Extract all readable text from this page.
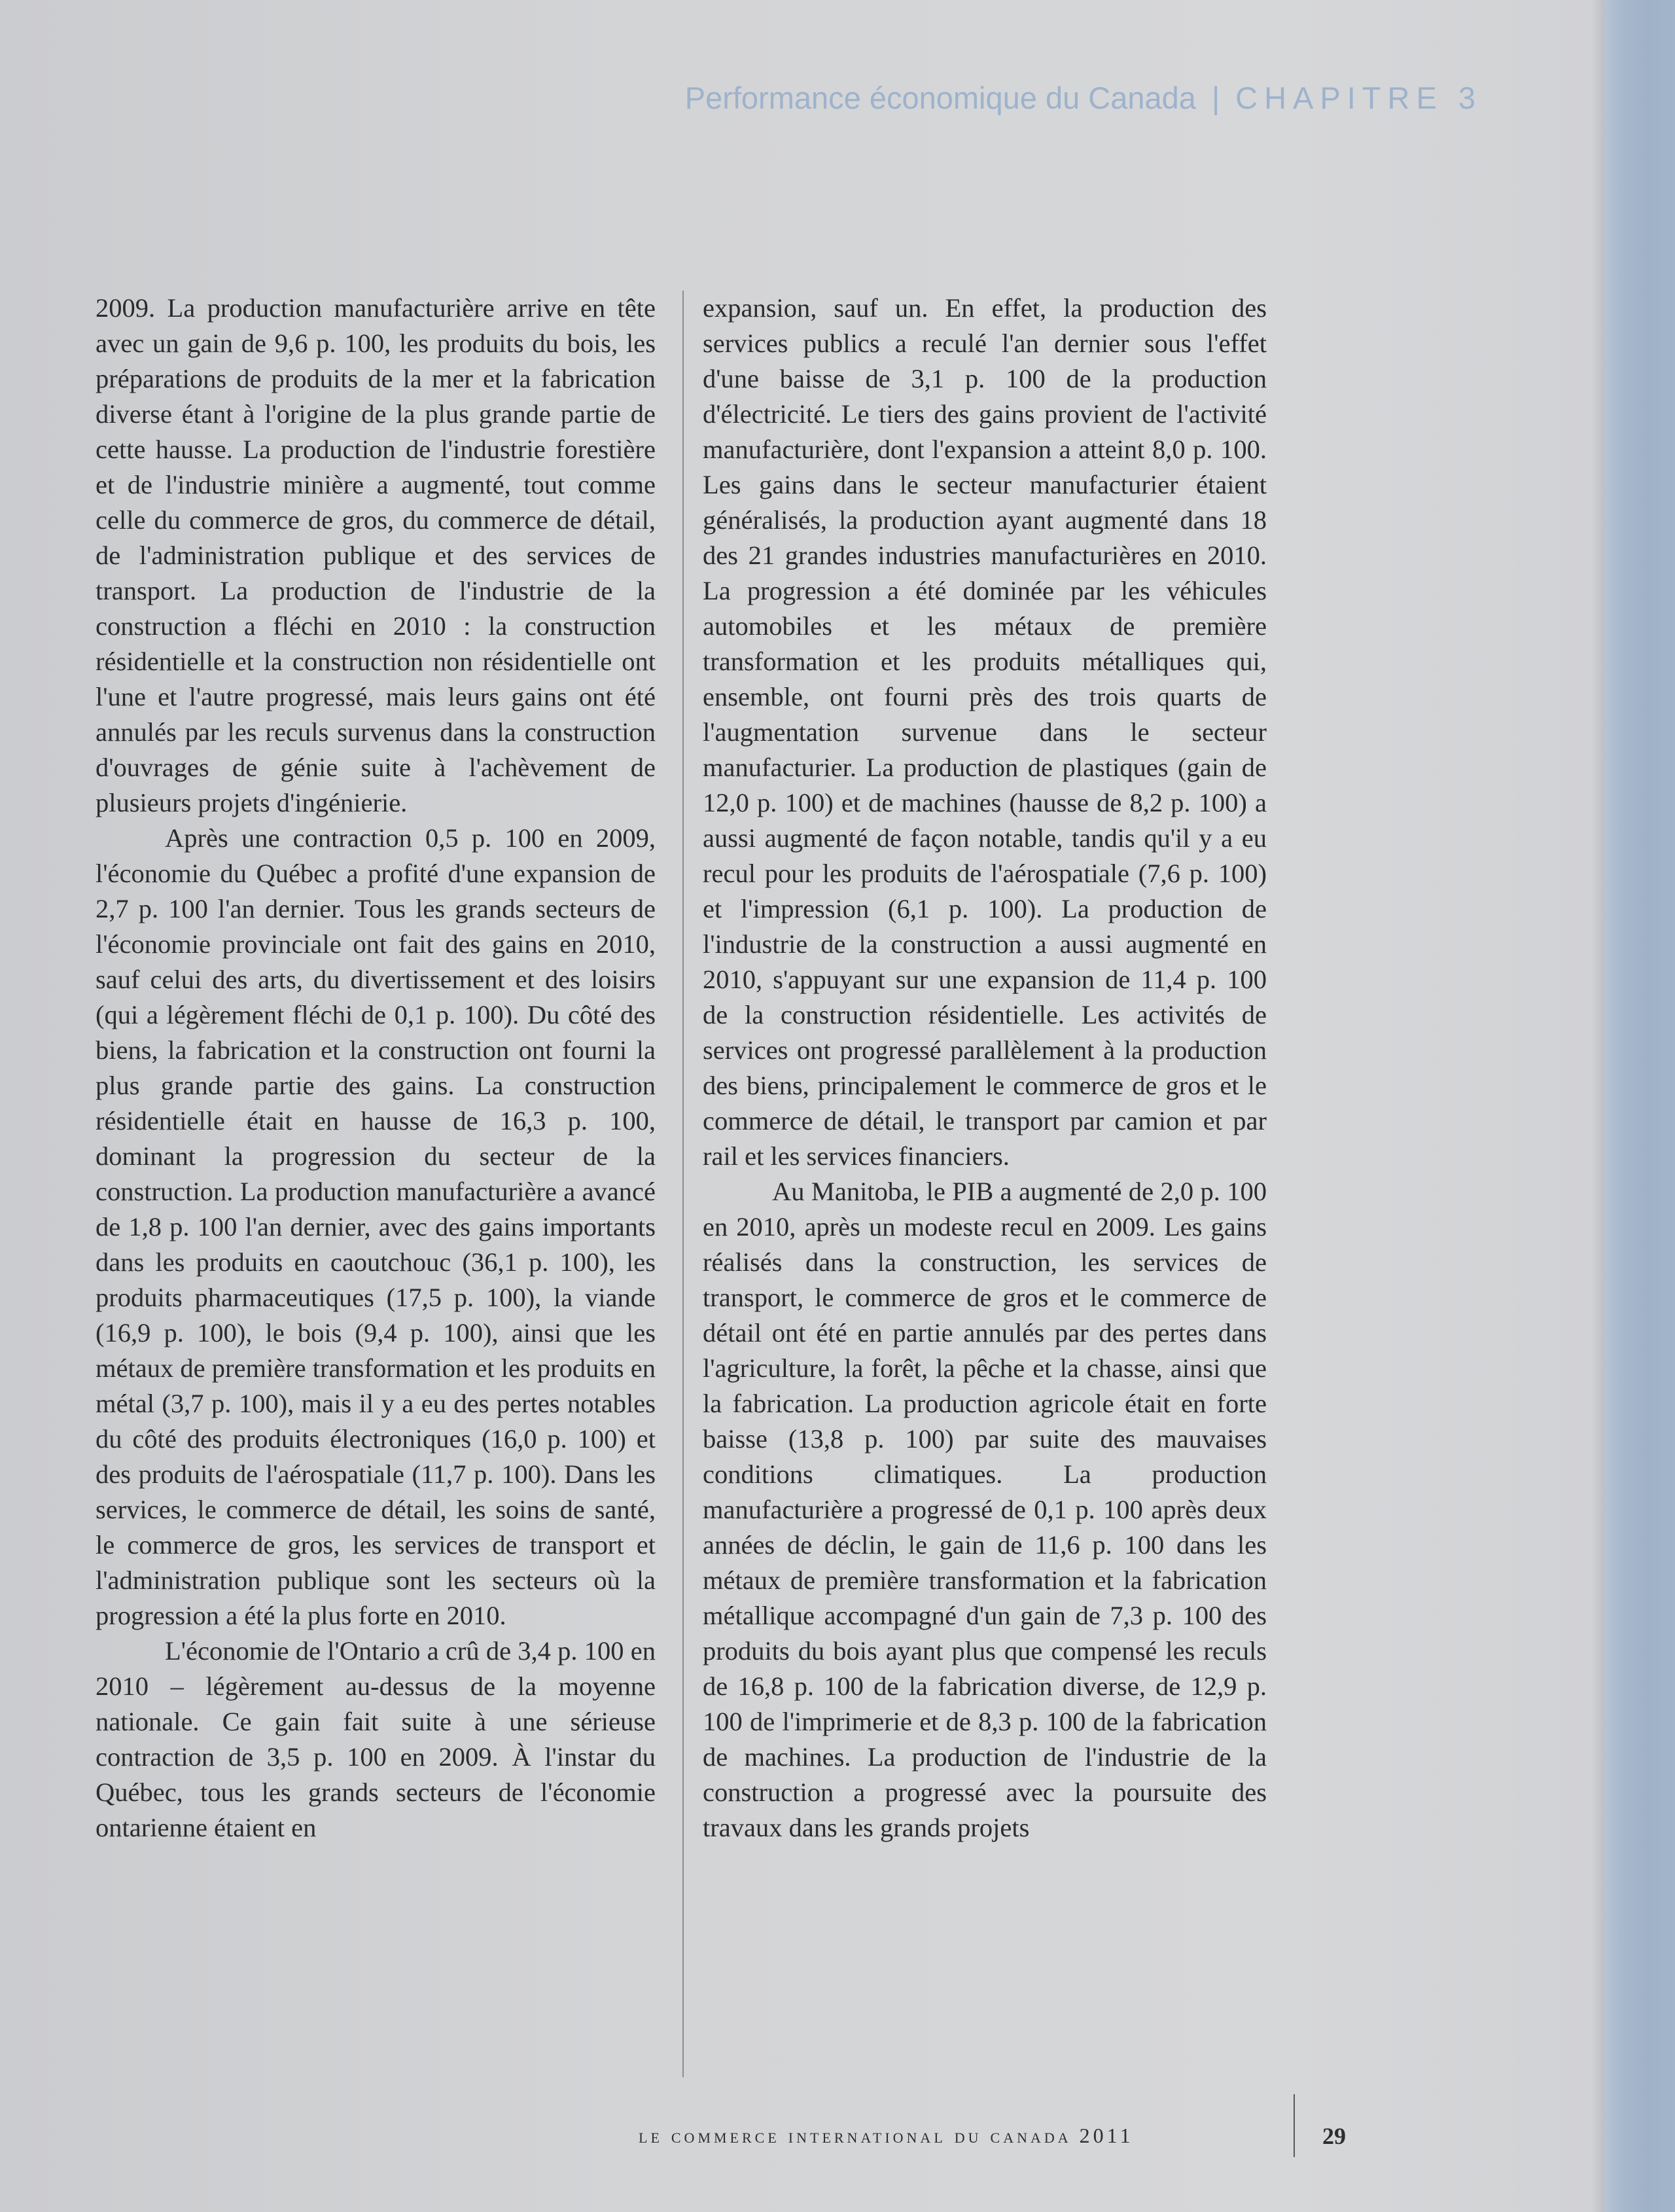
Performance économique du Canada | CHAPITRE 3

2009. La production manufacturière arrive en tête avec un gain de 9,6 p. 100, les produits du bois, les préparations de produits de la mer et la fabrication diverse étant à l'origine de la plus grande partie de cette hausse. La production de l'industrie forestière et de l'industrie minière a augmenté, tout comme celle du commerce de gros, du commerce de détail, de l'administration publique et des services de transport. La production de l'industrie de la construction a fléchi en 2010 : la construction résidentielle et la construction non résidentielle ont l'une et l'autre progressé, mais leurs gains ont été annulés par les reculs survenus dans la construction d'ouvrages de génie suite à l'achèvement de plusieurs projets d'ingénierie.

Après une contraction 0,5 p. 100 en 2009, l'économie du Québec a profité d'une expansion de 2,7 p. 100 l'an dernier. Tous les grands secteurs de l'économie provinciale ont fait des gains en 2010, sauf celui des arts, du divertissement et des loisirs (qui a légèrement fléchi de 0,1 p. 100). Du côté des biens, la fabrication et la construction ont fourni la plus grande partie des gains. La construction résidentielle était en hausse de 16,3 p. 100, dominant la progression du secteur de la construction. La production manufacturière a avancé de 1,8 p. 100 l'an dernier, avec des gains importants dans les produits en caoutchouc (36,1 p. 100), les produits pharmaceutiques (17,5 p. 100), la viande (16,9 p. 100), le bois (9,4 p. 100), ainsi que les métaux de première transformation et les produits en métal (3,7 p. 100), mais il y a eu des pertes notables du côté des produits électroniques (16,0 p. 100) et des produits de l'aérospatiale (11,7 p. 100). Dans les services, le commerce de détail, les soins de santé, le commerce de gros, les services de transport et l'administration publique sont les secteurs où la progression a été la plus forte en 2010.

L'économie de l'Ontario a crû de 3,4 p. 100 en 2010 – légèrement au-dessus de la moyenne nationale. Ce gain fait suite à une sérieuse contraction de 3,5 p. 100 en 2009. À l'instar du Québec, tous les grands secteurs de l'économie ontarienne étaient en

expansion, sauf un. En effet, la production des services publics a reculé l'an dernier sous l'effet d'une baisse de 3,1 p. 100 de la production d'électricité. Le tiers des gains provient de l'activité manufacturière, dont l'expansion a atteint 8,0 p. 100. Les gains dans le secteur manufacturier étaient généralisés, la production ayant augmenté dans 18 des 21 grandes industries manufacturières en 2010. La progression a été dominée par les véhicules automobiles et les métaux de première transformation et les produits métalliques qui, ensemble, ont fourni près des trois quarts de l'augmentation survenue dans le secteur manufacturier. La production de plastiques (gain de 12,0 p. 100) et de machines (hausse de 8,2 p. 100) a aussi augmenté de façon notable, tandis qu'il y a eu recul pour les produits de l'aérospatiale (7,6 p. 100) et l'impression (6,1 p. 100). La production de l'industrie de la construction a aussi augmenté en 2010, s'appuyant sur une expansion de 11,4 p. 100 de la construction résidentielle. Les activités de services ont progressé parallèlement à la production des biens, principalement le commerce de gros et le commerce de détail, le transport par camion et par rail et les services financiers.

Au Manitoba, le PIB a augmenté de 2,0 p. 100 en 2010, après un modeste recul en 2009. Les gains réalisés dans la construction, les services de transport, le commerce de gros et le commerce de détail ont été en partie annulés par des pertes dans l'agriculture, la forêt, la pêche et la chasse, ainsi que la fabrication. La production agricole était en forte baisse (13,8 p. 100) par suite des mauvaises conditions climatiques. La production manufacturière a progressé de 0,1 p. 100 après deux années de déclin, le gain de 11,6 p. 100 dans les métaux de première transformation et la fabrication métallique accompagné d'un gain de 7,3 p. 100 des produits du bois ayant plus que compensé les reculs de 16,8 p. 100 de la fabrication diverse, de 12,9 p. 100 de l'imprimerie et de 8,3 p. 100 de la fabrication de machines. La production de l'industrie de la construction a progressé avec la poursuite des travaux dans les grands projets

le commerce international du canada 2011	29
